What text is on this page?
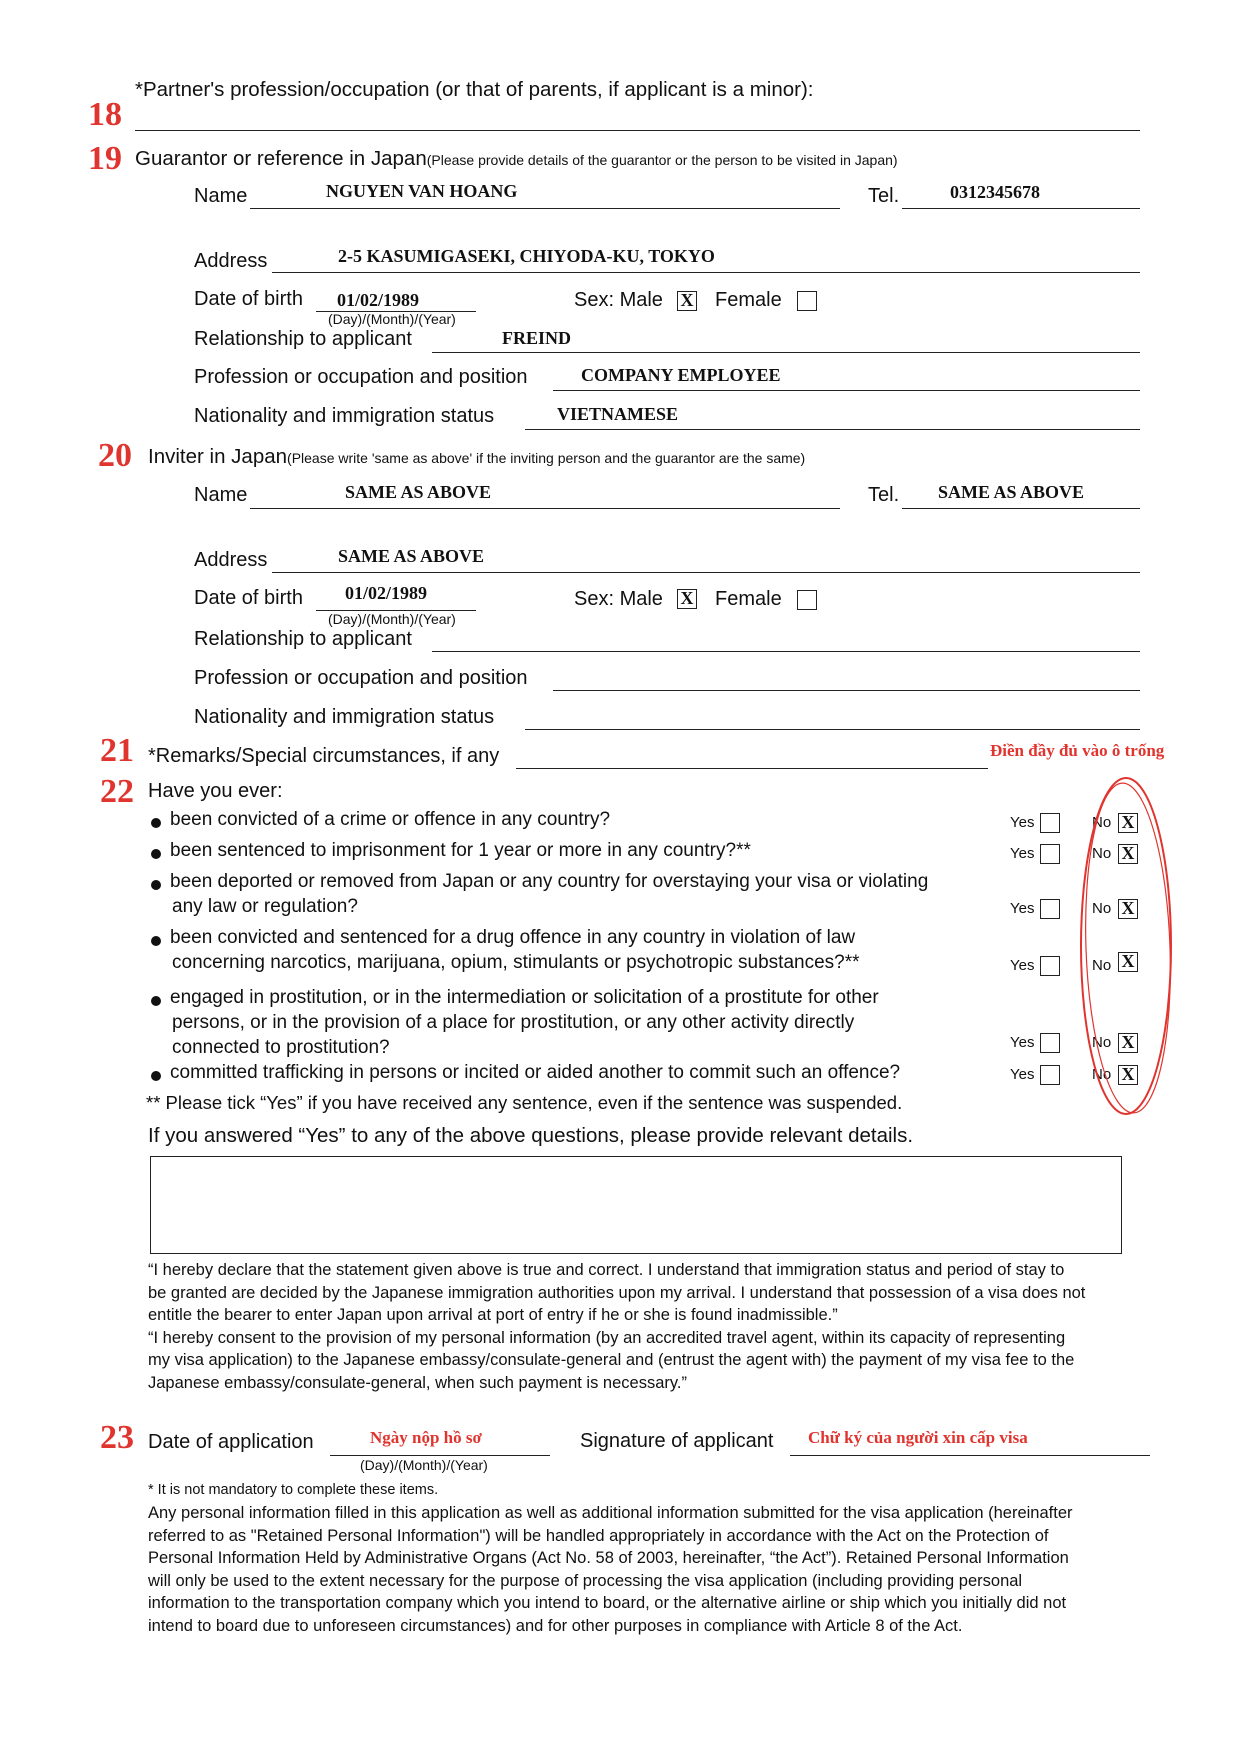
*Partner's profession/occupation (or that of parents, if applicant is a minor):
18
19 Guarantor or reference in Japan(Please provide details of the guarantor or the person to be visited in Japan)
Name	NGUYEN VAN HOANG	Tel.	0312345678
Address	2-5 KASUMIGASEKI, CHIYODA-KU, TOKYO
Date of birth 01/02/1989
(Day)/(Month)/(Year)
Sex: Male X Female
Relationship to applicant	FREIND
Profession or occupation and position	COMPANY EMPLOYEE
Nationality and immigration status	VIETNAMESE
20 Inviter in Japan(Please write 'same as above' if the inviting person and the guarantor are the same)
Name	SAME AS ABOVE	Tel. SAME AS ABOVE
Address	SAME AS ABOVE
Date of birth 01/02/1989
(Day)/(Month)/(Year)
Sex: Male X Female
Relationship to applicant
Profession or occupation and position
Nationality and immigration status
21 *Remarks/Special circumstances, if any	Điền đầy đủ vào ô trống
22 Have you ever:
been convicted of a crime or offence in any country?	Yes	No X
been sentenced to imprisonment for 1 year or more in any country?**	Yes	No X
been deported or removed from Japan or any country for overstaying your visa or violating
any law or regulation?	Yes	No X
been convicted and sentenced for a drug offence in any country in violation of law
concerning narcotics, marijuana, opium, stimulants or psychotropic substances?**	Yes	No X
engaged in prostitution, or in the intermediation or solicitation of a prostitute for other
persons, or in the provision of a place for prostitution, or any other activity directly
connected to prostitution?	Yes	No X
committed trafficking in persons or incited or aided another to commit such an offence?	Yes	No X
** Please tick “Yes” if you have received any sentence, even if the sentence was suspended.
If you answered “Yes” to any of the above questions, please provide relevant details.
“I hereby declare that the statement given above is true and correct. I understand that immigration status and period of stay to
be granted are decided by the Japanese immigration authorities upon my arrival. I understand that possession of a visa does not
entitle the bearer to enter Japan upon arrival at port of entry if he or she is found inadmissible.”
“I hereby consent to the provision of my personal information (by an accredited travel agent, within its capacity of representing
my visa application) to the Japanese embassy/consulate-general and (entrust the agent with) the payment of my visa fee to the
Japanese embassy/consulate-general, when such payment is necessary.”
23 Date of application	Ngày nộp hồ sơ
(Day)/(Month)/(Year)
Signature of applicant Chữ ký của người xin cấp visa
* It is not mandatory to complete these items.
Any personal information filled in this application as well as additional information submitted for the visa application (hereinafter
referred to as "Retained Personal Information") will be handled appropriately in accordance with the Act on the Protection of
Personal Information Held by Administrative Organs (Act No. 58 of 2003, hereinafter, “the Act”). Retained Personal Information
will only be used to the extent necessary for the purpose of processing the visa application (including providing personal
information to the transportation company which you intend to board, or the alternative airline or ship which you initially did not
intend to board due to unforeseen circumstances) and for other purposes in compliance with Article 8 of the Act.
